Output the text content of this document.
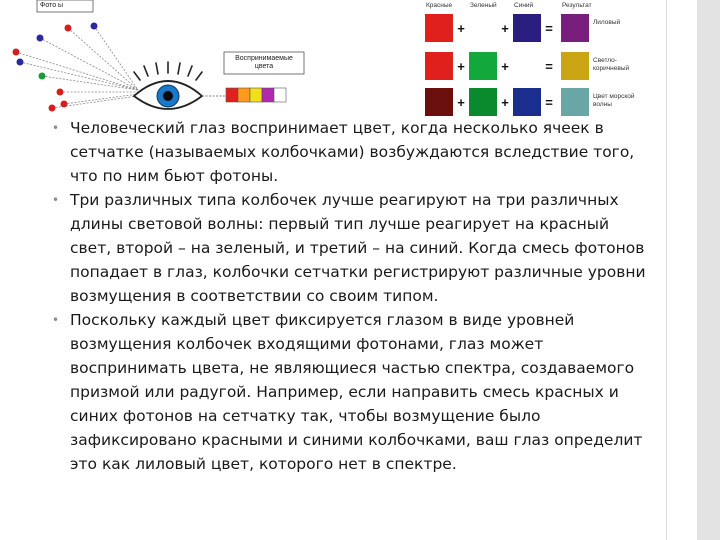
Фото ы
Воспринимаемые цвета
Красные	Зеленый	Синий	Результат
+	+	=	Лиловый
+	+	=	Светло-коричневый
+	+	=	Цвет морской волны
• Человеческий глаз воспринимает цвет, когда несколько ячеек в сетчатке (называемых колбочками) возбуждаются вследствие того, что по ним бьют фотоны.
• Три различных типа колбочек лучше реагируют на три различных длины световой волны: первый тип лучше реагирует на красный свет, второй – на зеленый, и третий – на синий. Когда смесь фотонов попадает в глаз, колбочки сетчатки регистрируют различные уровни возмущения в соответствии со своим типом.
• Поскольку каждый цвет фиксируется глазом в виде уровней возмущения колбочек входящими фотонами, глаз может воспринимать цвета, не являющиеся частью спектра, создаваемого призмой или радугой. Например, если направить смесь красных и синих фотонов на сетчатку так, чтобы возмущение было зафиксировано красными и синими колбочками, ваш глаз определит это как лиловый цвет, которого нет в спектре.
